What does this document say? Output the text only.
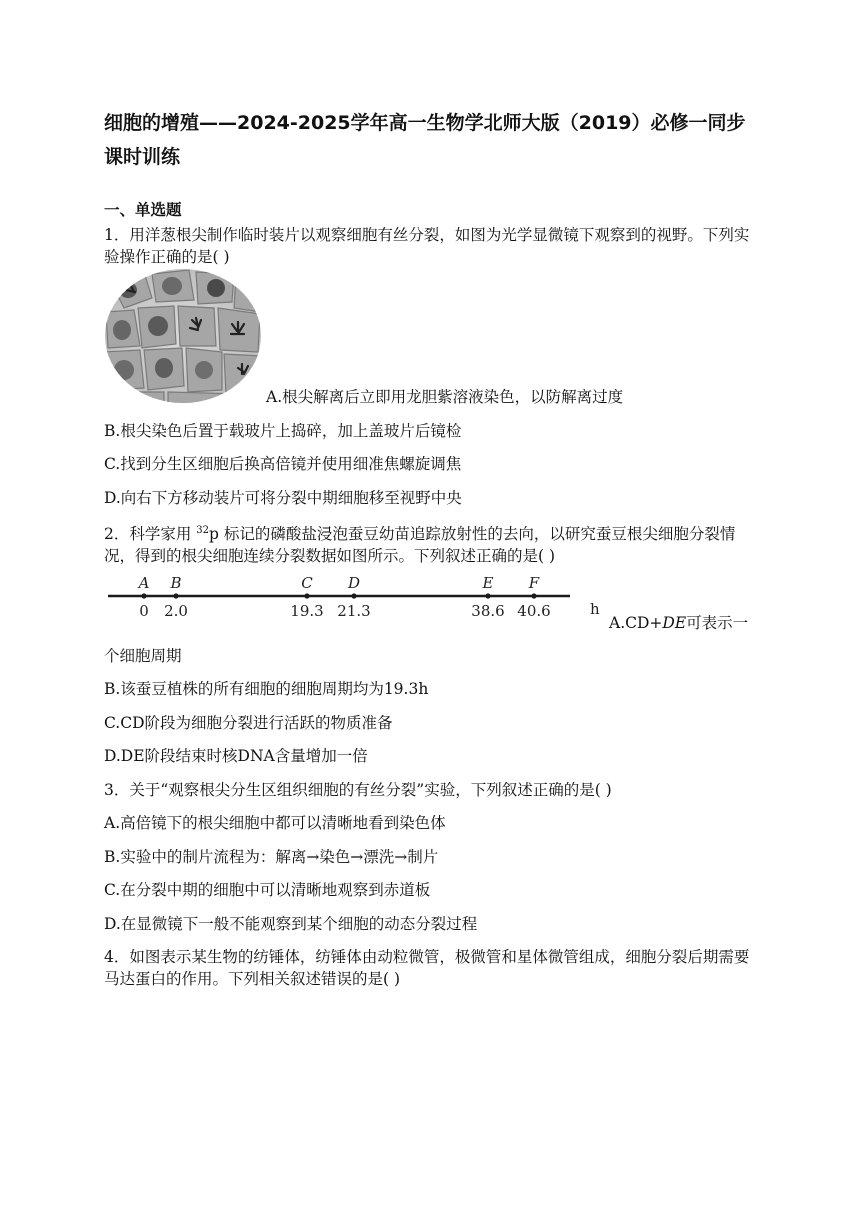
细胞的增殖——2024-2025学年高一生物学北师大版（2019）必修一同步课时训练
一、单选题
1．用洋葱根尖制作临时装片以观察细胞有丝分裂，如图为光学显微镜下观察到的视野。下列实验操作正确的是( )
A.根尖解离后立即用龙胆紫溶液染色，以防解离过度
B.根尖染色后置于载玻片上捣碎，加上盖玻片后镜检
C.找到分生区细胞后换高倍镜并使用细准焦螺旋调焦
D.向右下方移动装片可将分裂中期细胞移至视野中央
2．科学家用 $^{32}$p 标记的磷酸盐浸泡蚕豆幼苗追踪放射性的去向，以研究蚕豆根尖细胞分裂情况，得到的根尖细胞连续分裂数据如图所示。下列叙述正确的是( )
A
0
B
2.0
C
19.3
D
21.3
E
38.6
F
40.6	h
A.CD+DE可表示一
个细胞周期
B.该蚕豆植株的所有细胞的细胞周期均为19.3h
C.CD阶段为细胞分裂进行活跃的物质准备
D.DE阶段结束时核DNA含量增加一倍
3．关于“观察根尖分生区组织细胞的有丝分裂”实验，下列叙述正确的是( )
A.高倍镜下的根尖细胞中都可以清晰地看到染色体
B.实验中的制片流程为：解离→染色→漂洗→制片
C.在分裂中期的细胞中可以清晰地观察到赤道板
D.在显微镜下一般不能观察到某个细胞的动态分裂过程
4．如图表示某生物的纺锤体，纺锤体由动粒微管，极微管和星体微管组成，细胞分裂后期需要马达蛋白的作用。下列相关叙述错误的是( )
